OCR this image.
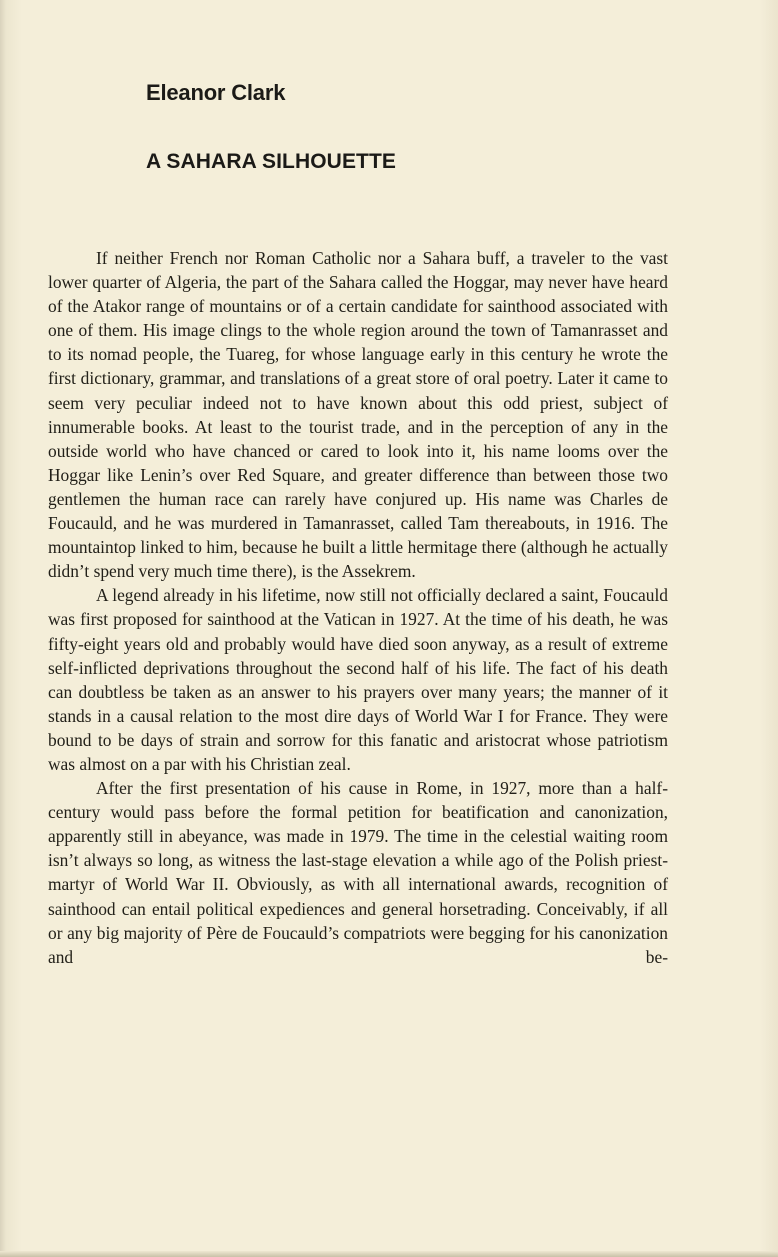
Eleanor Clark
A SAHARA SILHOUETTE

If neither French nor Roman Catholic nor a Sahara buff, a traveler to the vast lower quarter of Algeria, the part of the Sahara called the Hoggar, may never have heard of the Atakor range of mountains or of a certain candidate for sainthood associated with one of them. His image clings to the whole region around the town of Tamanrasset and to its nomad people, the Tuareg, for whose language early in this century he wrote the first dictionary, grammar, and translations of a great store of oral poetry. Later it came to seem very peculiar indeed not to have known about this odd priest, subject of innumerable books. At least to the tourist trade, and in the perception of any in the outside world who have chanced or cared to look into it, his name looms over the Hoggar like Lenin’s over Red Square, and greater difference than between those two gentlemen the human race can rarely have conjured up. His name was Charles de Foucauld, and he was murdered in Tamanrasset, called Tam thereabouts, in 1916. The mountaintop linked to him, because he built a little hermitage there (although he actually didn’t spend very much time there), is the Assekrem.

A legend already in his lifetime, now still not officially declared a saint, Foucauld was first proposed for sainthood at the Vatican in 1927. At the time of his death, he was fifty-eight years old and probably would have died soon anyway, as a result of extreme self-inflicted deprivations throughout the second half of his life. The fact of his death can doubtless be taken as an answer to his prayers over many years; the manner of it stands in a causal relation to the most dire days of World War I for France. They were bound to be days of strain and sorrow for this fanatic and aristocrat whose patriotism was almost on a par with his Christian zeal.

After the first presentation of his cause in Rome, in 1927, more than a half-century would pass before the formal petition for beatification and canonization, apparently still in abeyance, was made in 1979. The time in the celestial waiting room isn’t always so long, as witness the last-stage elevation a while ago of the Polish priest-martyr of World War II. Obviously, as with all international awards, recognition of sainthood can entail political expediences and general horsetrading. Conceivably, if all or any big majority of Père de Foucauld’s compatriots were begging for his canonization and be-
